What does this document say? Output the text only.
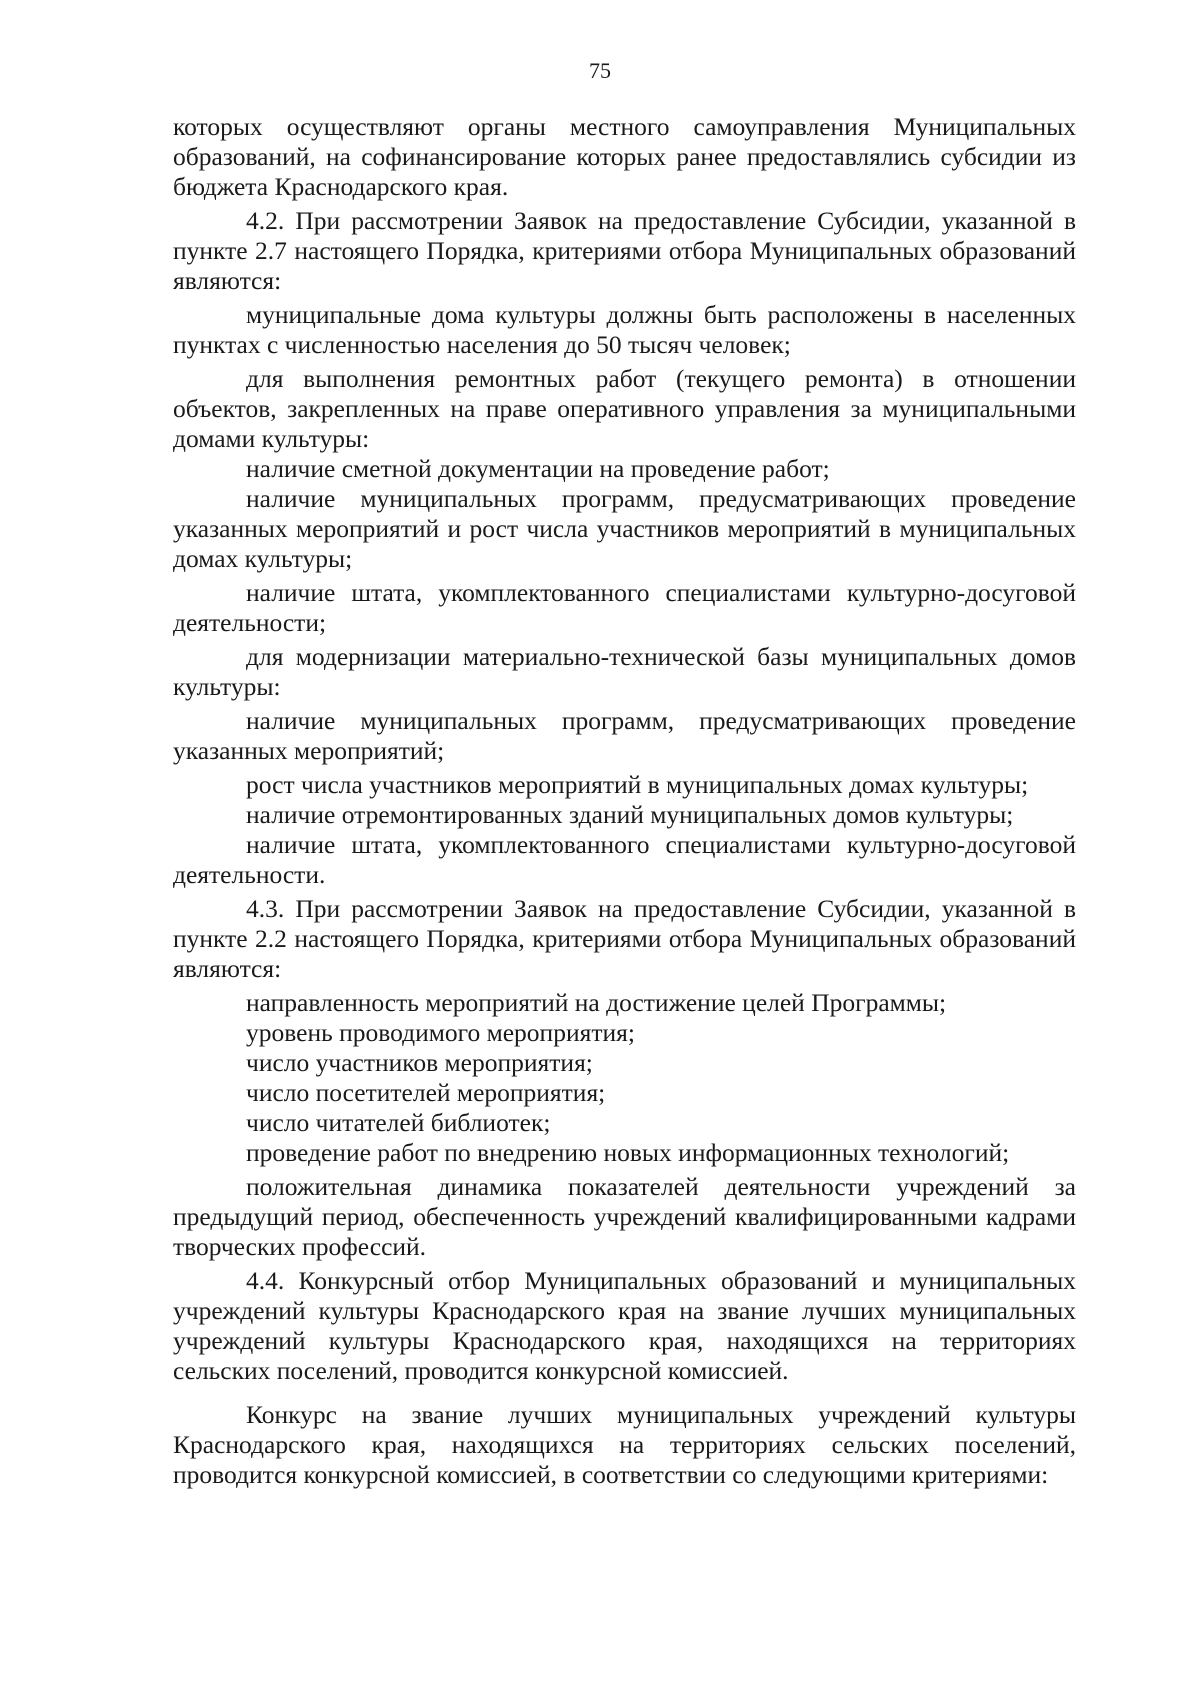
75

которых осуществляют органы местного самоуправления Муниципальных образований, на софинансирование которых ранее предоставлялись субсидии из бюджета Краснодарского края.

4.2. При рассмотрении Заявок на предоставление Субсидии, указанной в пункте 2.7 настоящего Порядка, критериями отбора Муниципальных образований являются:

муниципальные дома культуры должны быть расположены в населенных пунктах с численностью населения до 50 тысяч человек;

для выполнения ремонтных работ (текущего ремонта) в отношении объектов, закрепленных на праве оперативного управления за муниципальными домами культуры:

наличие сметной документации на проведение работ;

наличие муниципальных программ, предусматривающих проведение указанных мероприятий и рост числа участников мероприятий в муниципальных домах культуры;

наличие штата, укомплектованного специалистами культурно-досуговой деятельности;

для модернизации материально-технической базы муниципальных домов культуры:

наличие муниципальных программ, предусматривающих проведение указанных мероприятий;

рост числа участников мероприятий в муниципальных домах культуры;

наличие отремонтированных зданий муниципальных домов культуры;

наличие штата, укомплектованного специалистами культурно-досуговой деятельности.

4.3. При рассмотрении Заявок на предоставление Субсидии, указанной в пункте 2.2 настоящего Порядка, критериями отбора Муниципальных образований являются:

направленность мероприятий на достижение целей Программы;

уровень проводимого мероприятия;

число участников мероприятия;

число посетителей мероприятия;

число читателей библиотек;

проведение работ по внедрению новых информационных технологий;

положительная динамика показателей деятельности учреждений за предыдущий период, обеспеченность учреждений квалифицированными кадрами творческих профессий.

4.4. Конкурсный отбор Муниципальных образований и муниципальных учреждений культуры Краснодарского края на звание лучших муниципальных учреждений культуры Краснодарского края, находящихся на территориях сельских поселений, проводится конкурсной комиссией.

Конкурс на звание лучших муниципальных учреждений культуры Краснодарского края, находящихся на территориях сельских поселений, проводится конкурсной комиссией, в соответствии со следующими критериями:
